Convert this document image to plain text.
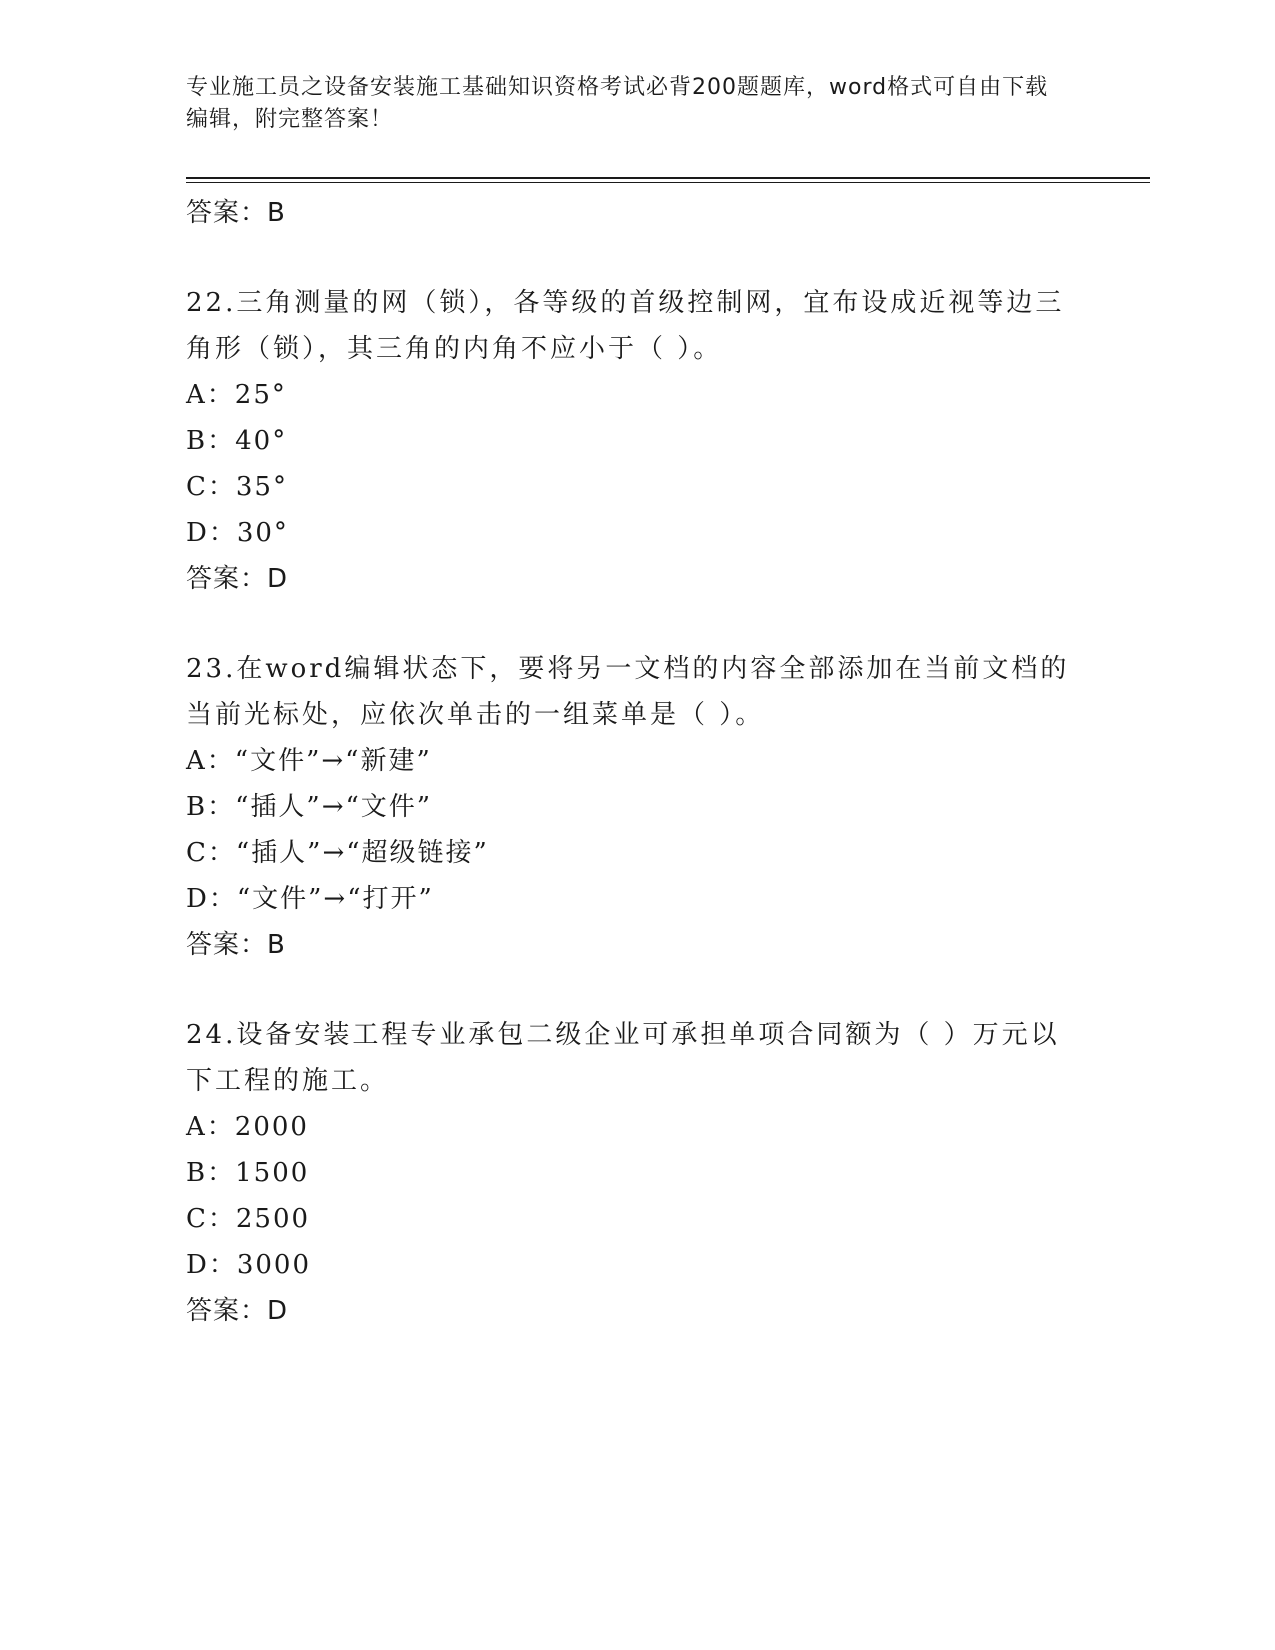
专业施工员之设备安装施工基础知识资格考试必背200题题库，word格式可自由下载编辑，附完整答案！
答案：B
22.三角测量的网（锁），各等级的首级控制网，宜布设成近视等边三角形（锁），其三角的内角不应小于（ ）。
A：25°
B：40°
C：35°
D：30°
答案：D
23.在word编辑状态下，要将另一文档的内容全部添加在当前文档的当前光标处，应依次单击的一组菜单是（ ）。
A：“文件”→“新建”
B：“插人”→“文件”
C：“插人”→“超级链接”
D：“文件”→“打开”
答案：B
24.设备安装工程专业承包二级企业可承担单项合同额为（ ）万元以下工程的施工。
A：2000
B：1500
C：2500
D：3000
答案：D
